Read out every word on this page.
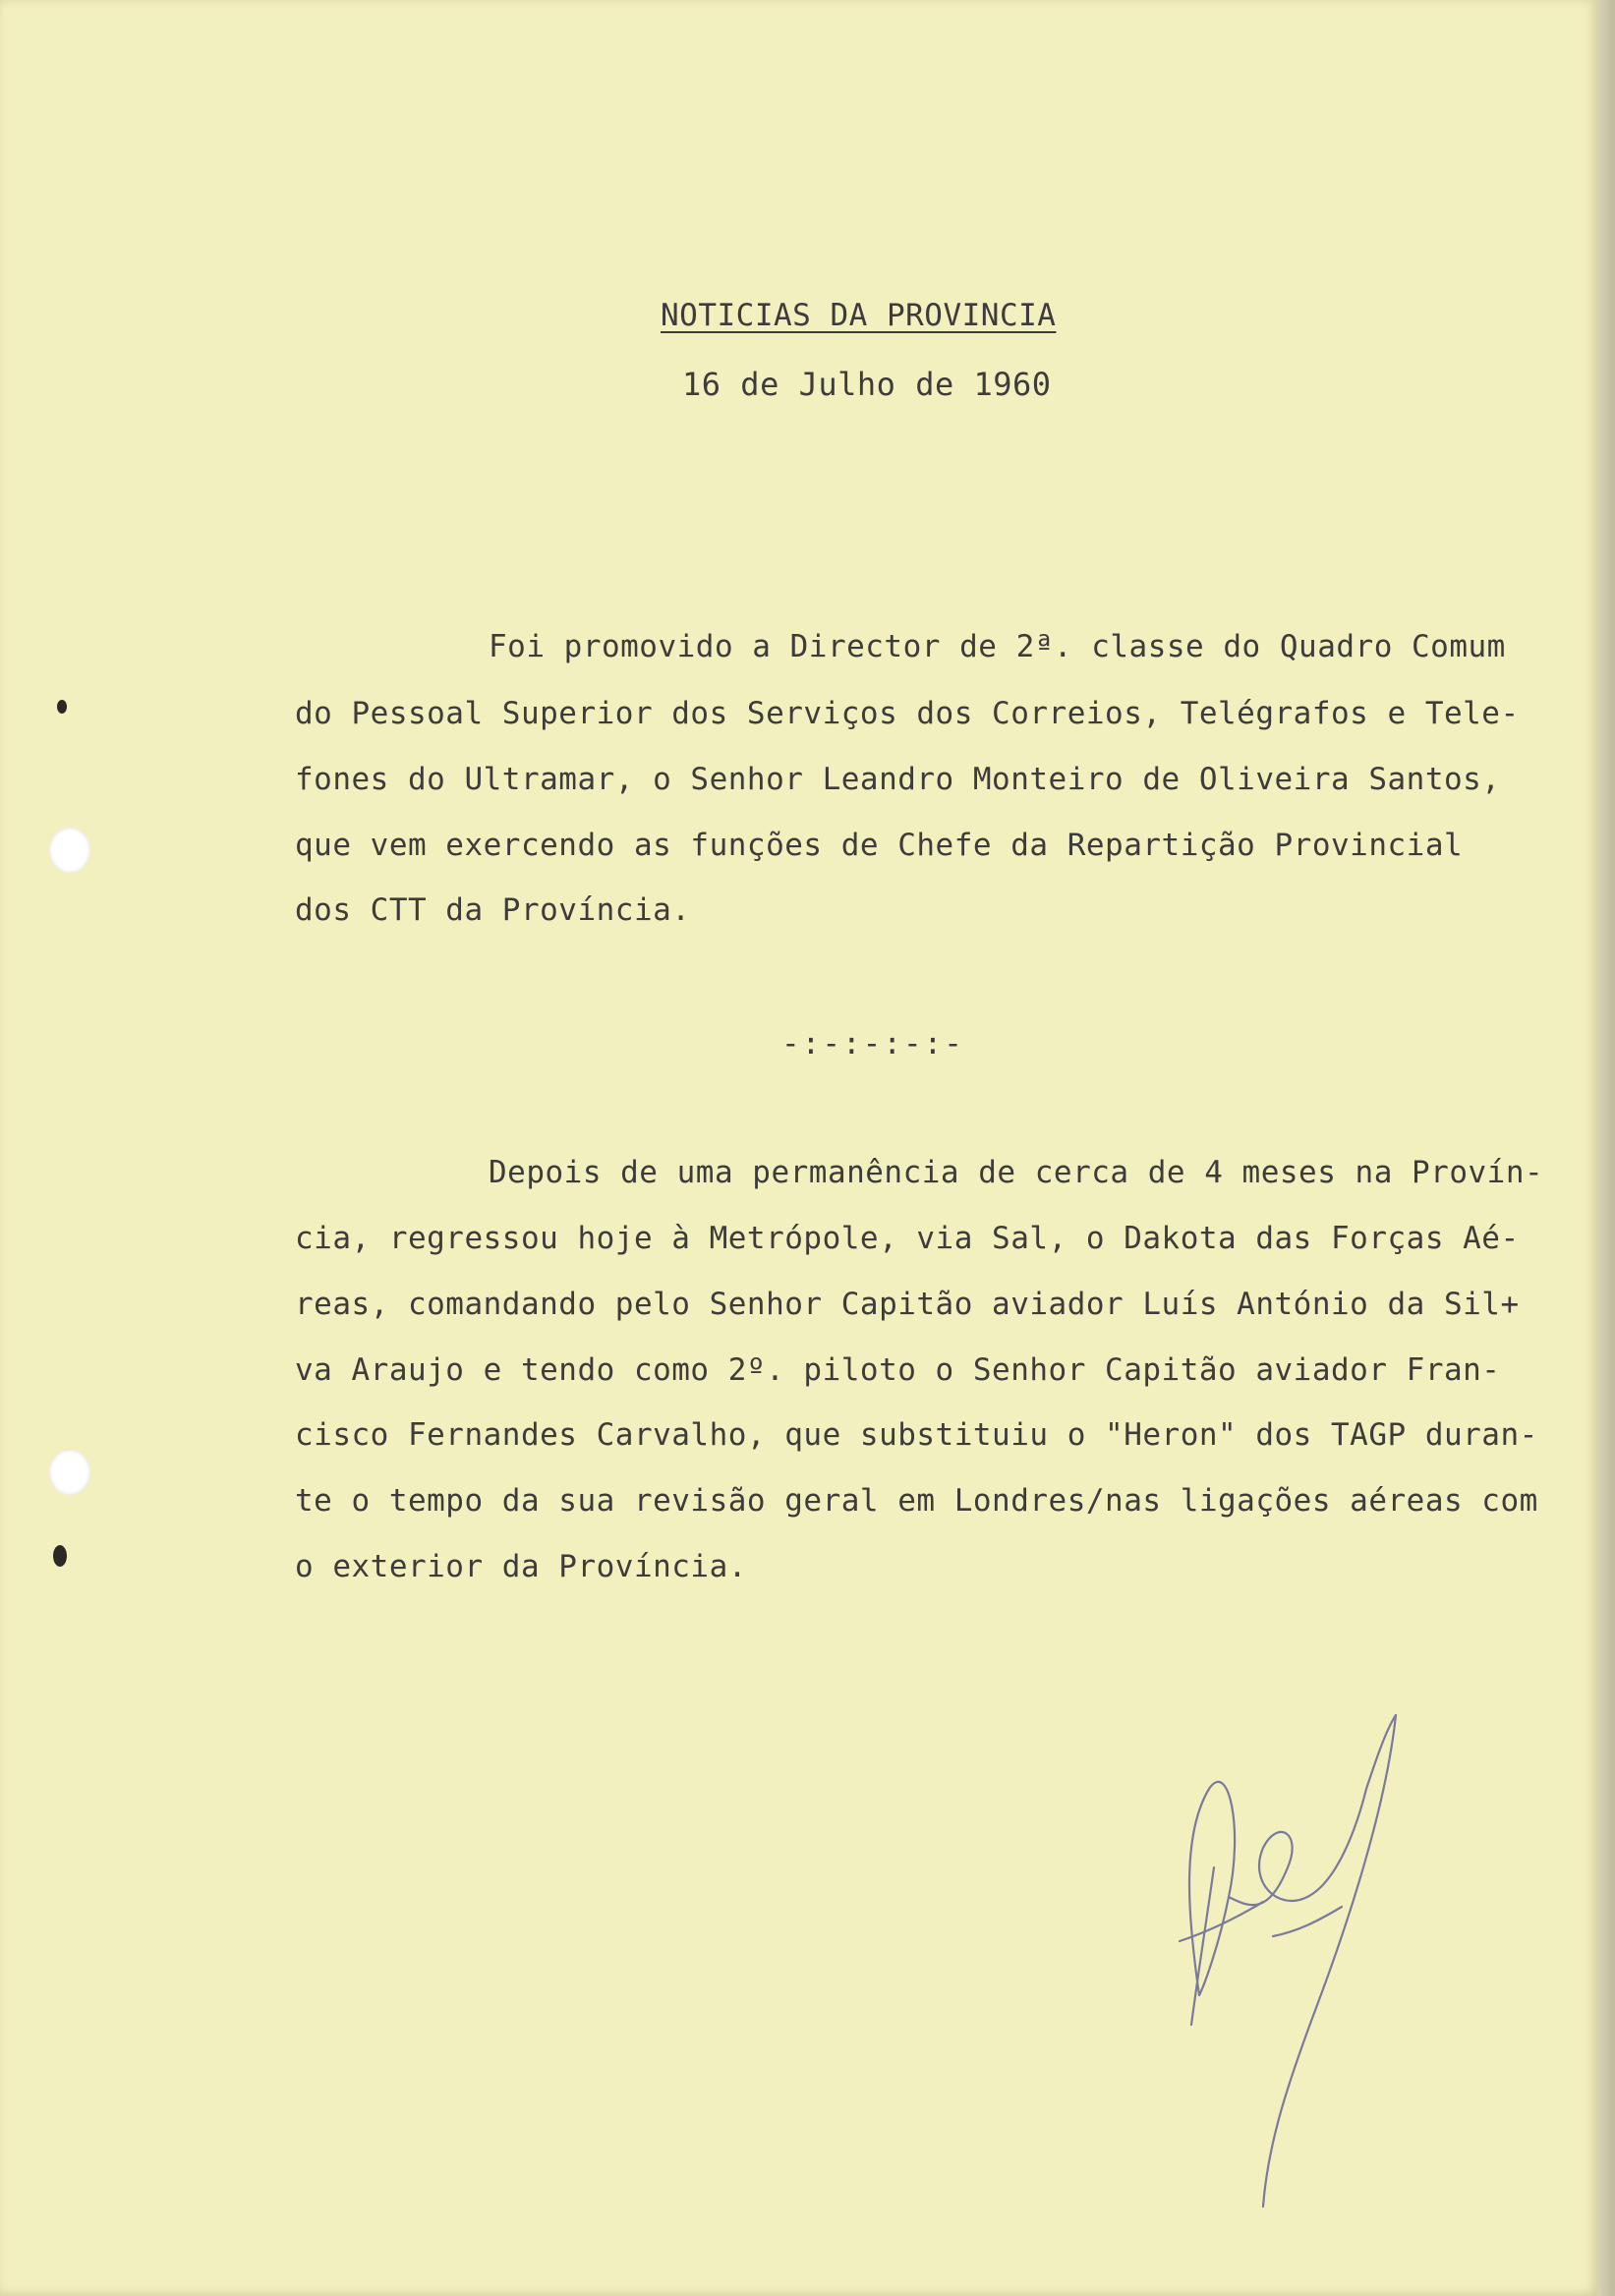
NOTICIAS DA PROVINCIA
16 de Julho de 1960
Foi promovido a Director de 2ª. classe do Quadro Comum
do Pessoal Superior dos Serviços dos Correios, Telégrafos e Tele-
fones do Ultramar, o Senhor Leandro Monteiro de Oliveira Santos,
que vem exercendo as funções de Chefe da Repartição Provincial
dos CTT da Província.
-:-:-:-:-
Depois de uma permanência de cerca de 4 meses na Provín-
cia, regressou hoje à Metrópole, via Sal, o Dakota das Forças Aé-
reas, comandando pelo Senhor Capitão aviador Luís António da Sil+
va Araujo e tendo como 2º. piloto o Senhor Capitão aviador Fran-
cisco Fernandes Carvalho, que substituiu o "Heron" dos TAGP duran-
te o tempo da sua revisão geral em Londres/nas ligações aéreas com
o exterior da Província.
